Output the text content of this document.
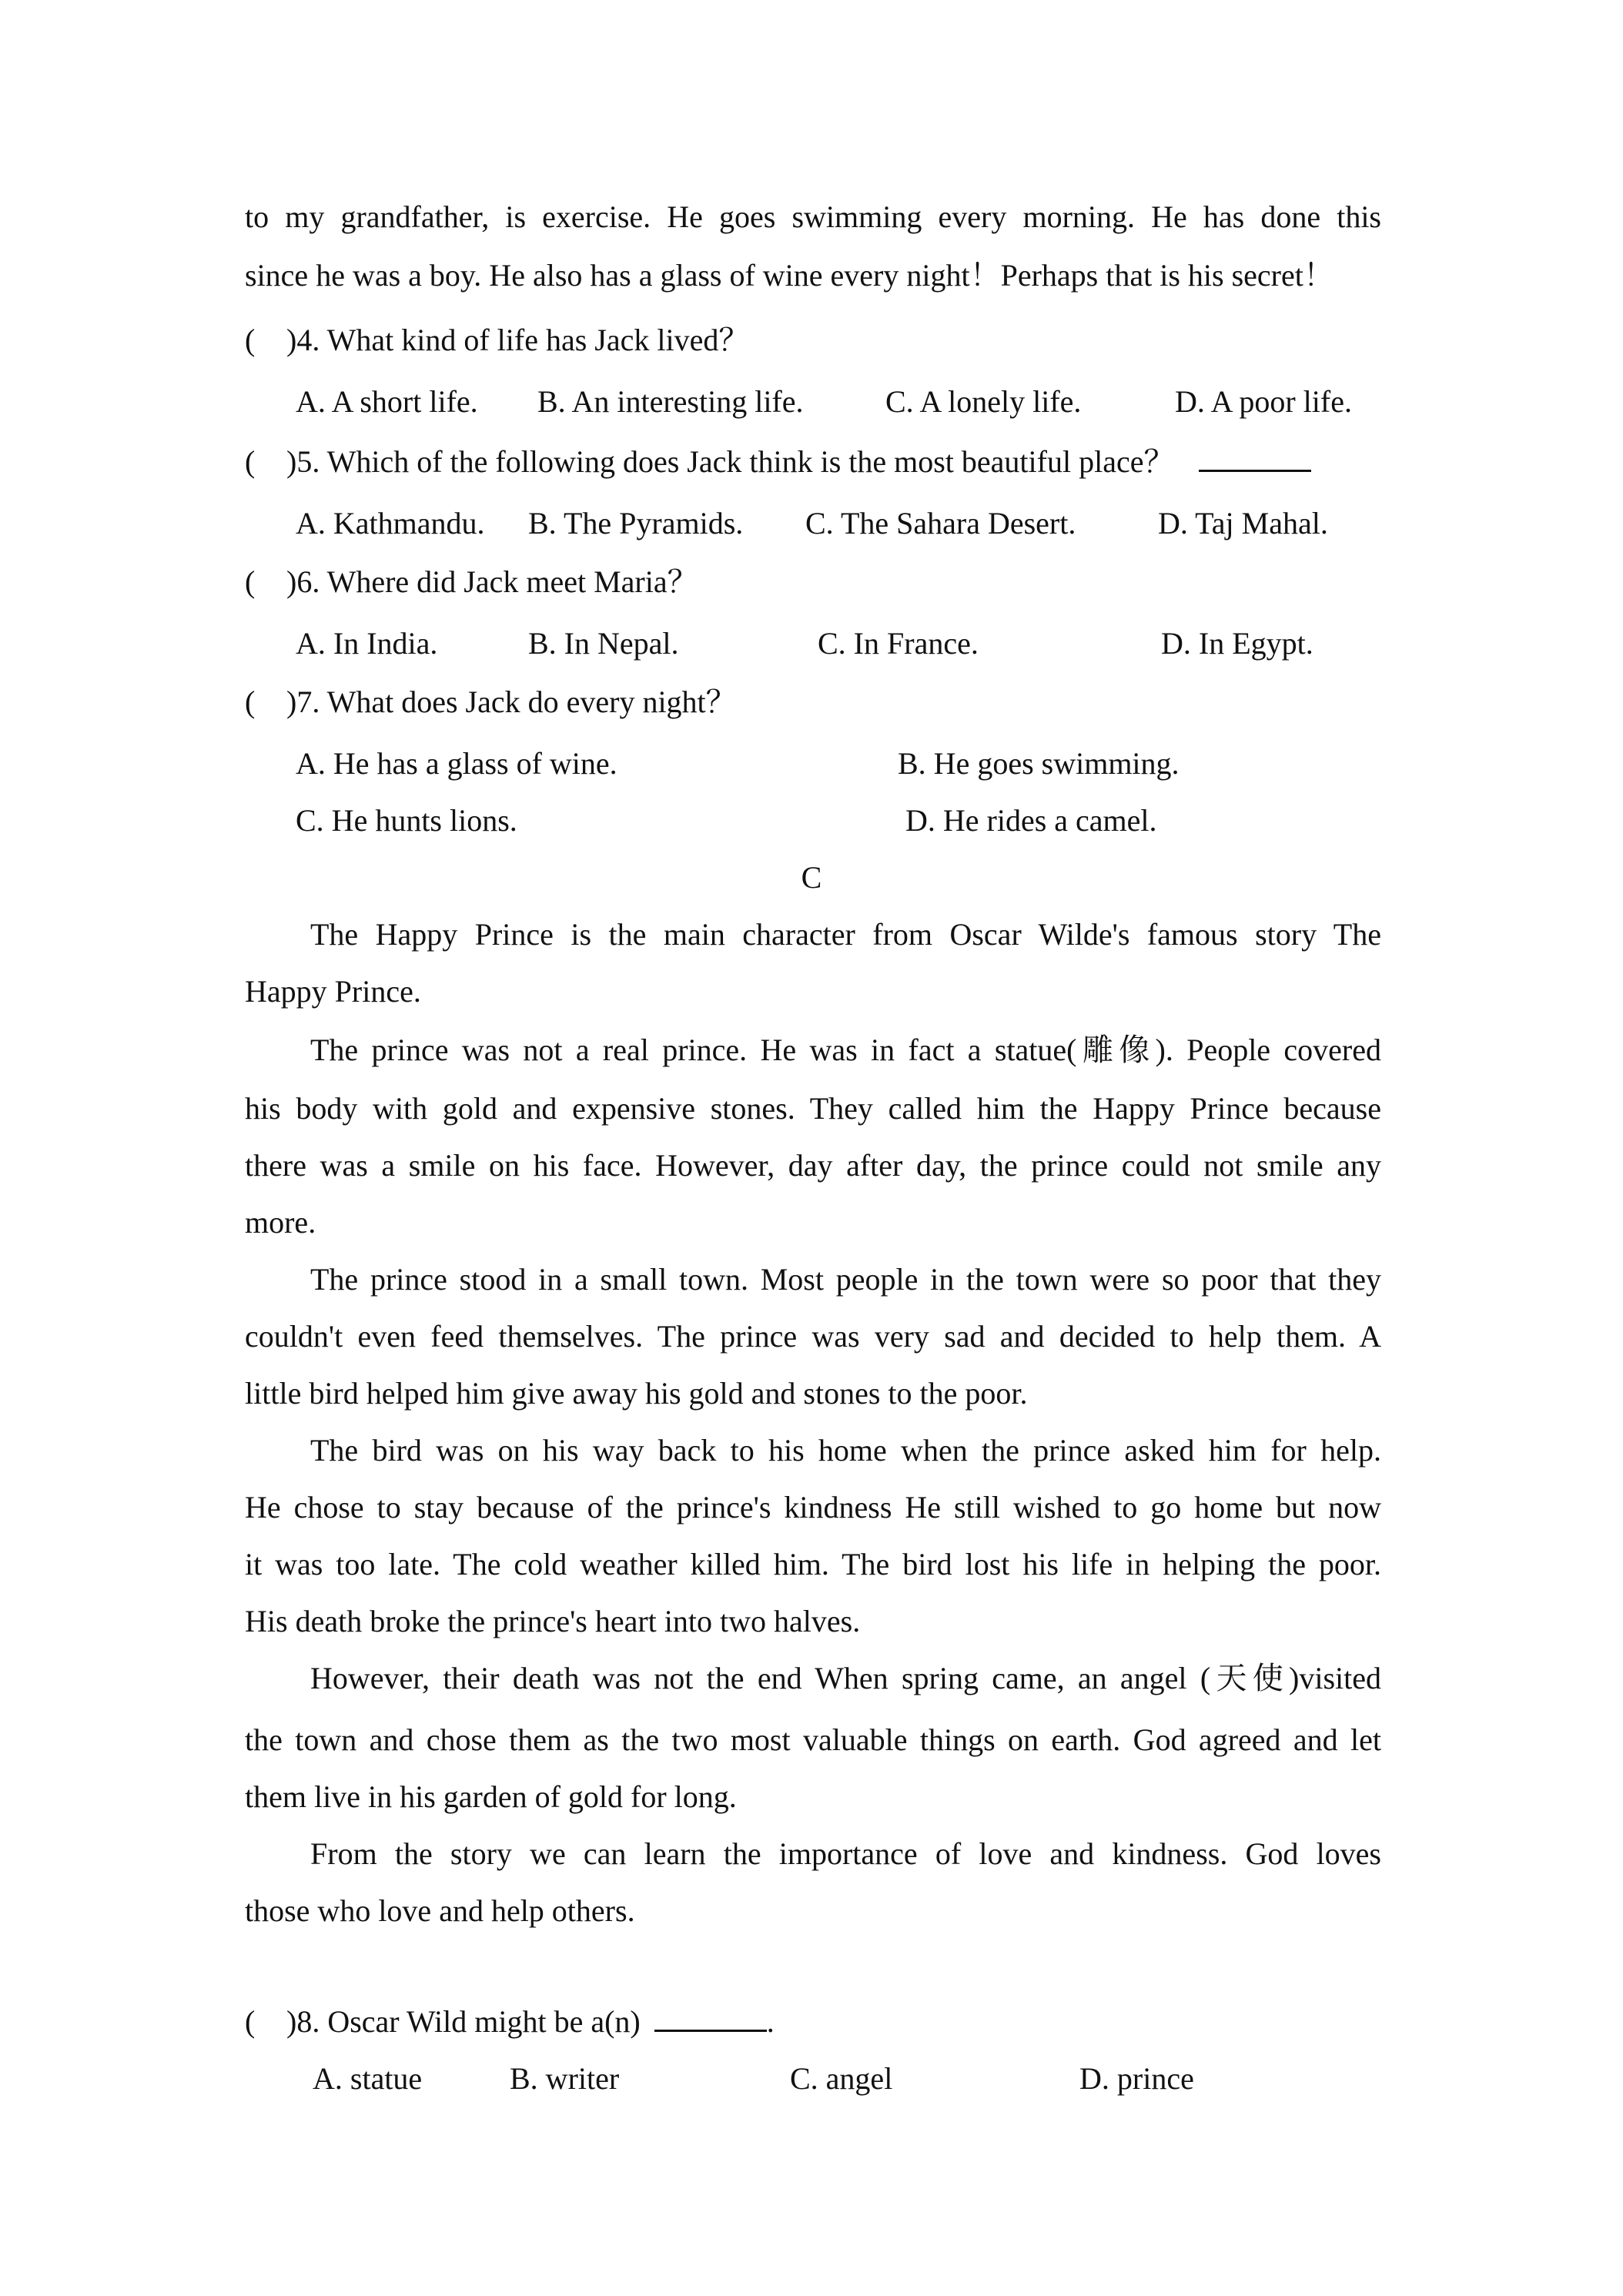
to my grandfather, is exercise. He goes swimming every morning. He has done this
since he was a boy. He also has a glass of wine every night！Perhaps that is his secret！
( )4. What kind of life has Jack lived？
A. A short life. B. An interesting life.	C. A lonely life.	D. A poor life.
( )5. Which of the following does Jack think is the most beautiful place？
A. Kathmandu. B. The Pyramids. C. The Sahara Desert.	D. Taj Mahal.
( )6. Where did Jack meet Maria？
A. In India.	B. In Nepal.	C. In France.	D. In Egypt.
( )7. What does Jack do every night？
A. He has a glass of wine.	B. He goes swimming.
C. He hunts lions.	D. He rides a camel.
C
The Happy Prince is the main character from Oscar Wilde's famous story The
Happy Prince.
The prince was not a real prince. He was in fact a statue(雕像). People covered
his body with gold and expensive stones. They called him the Happy Prince because
there was a smile on his face. However, day after day, the prince could not smile any
more.
The prince stood in a small town. Most people in the town were so poor that they
couldn't even feed themselves. The prince was very sad and decided to help them. A
little bird helped him give away his gold and stones to the poor.
The bird was on his way back to his home when the prince asked him for help.
He chose to stay because of the prince's kindness He still wished to go home but now
it was too late. The cold weather killed him. The bird lost his life in helping the poor.
His death broke the prince's heart into two halves.
However, their death was not the end When spring came, an angel (天使)visited
the town and chose them as the two most valuable things on earth. God agreed and let
them live in his garden of gold for long.
From the story we can learn the importance of love and kindness. God loves
those who love and help others.
( )8. Oscar Wild might be a(n)	.
A. statue	B. writer	C. angel	D. prince
